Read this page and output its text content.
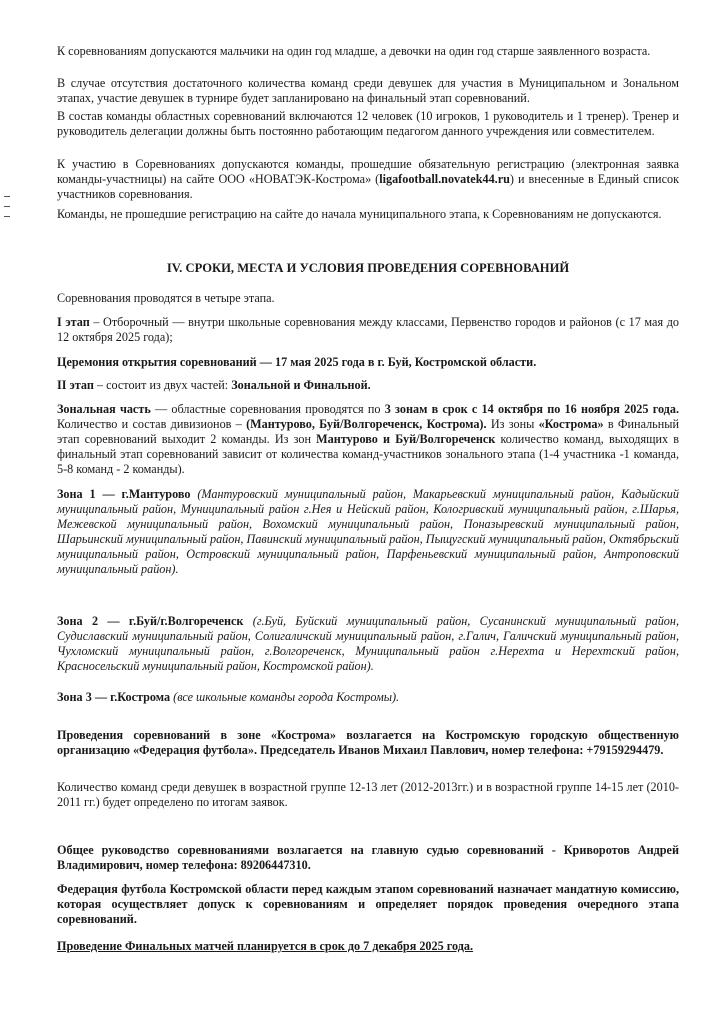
К соревнованиям допускаются мальчики на один год младше, а девочки на один год старше заявленного возраста.

В случае отсутствия достаточного количества команд среди девушек для участия в Муниципальном и Зональном этапах, участие девушек в турнире будет запланировано на финальный этап соревнований.

В состав команды областных соревнований включаются 12 человек (10 игроков, 1 руководитель и 1 тренер). Тренер и руководитель делегации должны быть постоянно работающим педагогом данного учреждения или совместителем.

К участию в Соревнованиях допускаются команды, прошедшие обязательную регистрацию (электронная заявка команды-участницы) на сайте ООО «НОВАТЭК-Кострома» (ligafootball.novatek44.ru) и внесенные в Единый список участников соревнования.

Команды, не прошедшие регистрацию на сайте до начала муниципального этапа, к Соревнованиям не допускаются.

IV. СРОКИ, МЕСТА И УСЛОВИЯ ПРОВЕДЕНИЯ СОРЕВНОВАНИЙ

Соревнования проводятся в четыре этапа.

I этап – Отборочный — внутри школьные соревнования между классами, Первенство городов и районов (с 17 мая до 12 октября 2025 года);

Церемония открытия соревнований — 17 мая 2025 года в г. Буй, Костромской области.

II этап – состоит из двух частей: Зональной и Финальной.

Зональная часть — областные соревнования проводятся по 3 зонам в срок с 14 октября по 16 ноября 2025 года. Количество и состав дивизионов – (Мантурово, Буй/Волгореченск, Кострома). Из зоны «Кострома» в Финальный этап соревнований выходит 2 команды. Из зон Мантурово и Буй/Волгореченск количество команд, выходящих в финальный этап соревнований зависит от количества команд-участников зонального этапа (1-4 участника -1 команда, 5-8 команд - 2 команды).

Зона 1 — г.Мантурово (Мантуровский муниципальный район, Макарьевский муниципальный район, Кадыйский муниципальный район, Муниципальный район г.Нея и Нейский район, Кологривский муниципальный район, г.Шарья, Межевской муниципальный район, Вохомский муниципальный район, Поназыревский муниципальный район, Шарьинский муниципальный район, Павинский муниципальный район, Пыщугский муниципальный район, Октябрьский муниципальный район, Островский муниципальный район, Парфеньевский муниципальный район, Антроповский муниципальный район).

Зона 2 — г.Буй/г.Волгореченск (г.Буй, Буйский муниципальный район, Сусанинский муниципальный район, Судиславский муниципальный район, Солигаличский муниципальный район, г.Галич, Галичский муниципальный район, Чухломский муниципальный район, г.Волгореченск, Муниципальный район г.Нерехта и Нерехтский район, Красносельский муниципальный район, Костромской район).

Зона 3 — г.Кострома (все школьные команды города Костромы).

Проведения соревнований в зоне «Кострома» возлагается на Костромскую городскую общественную организацию «Федерация футбола». Председатель Иванов Михаил Павлович, номер телефона: +79159294479.

Количество команд среди девушек в возрастной группе 12-13 лет (2012-2013гг.) и в возрастной группе 14-15 лет (2010-2011 гг.) будет определено по итогам заявок.

Общее руководство соревнованиями возлагается на главную судью соревнований - Криворотов Андрей Владимирович, номер телефона: 89206447310.

Федерация футбола Костромской области перед каждым этапом соревнований назначает мандатную комиссию, которая осуществляет допуск к соревнованиям и определяет порядок проведения очередного этапа соревнований.

Проведение Финальных матчей планируется в срок до 7 декабря 2025 года.
